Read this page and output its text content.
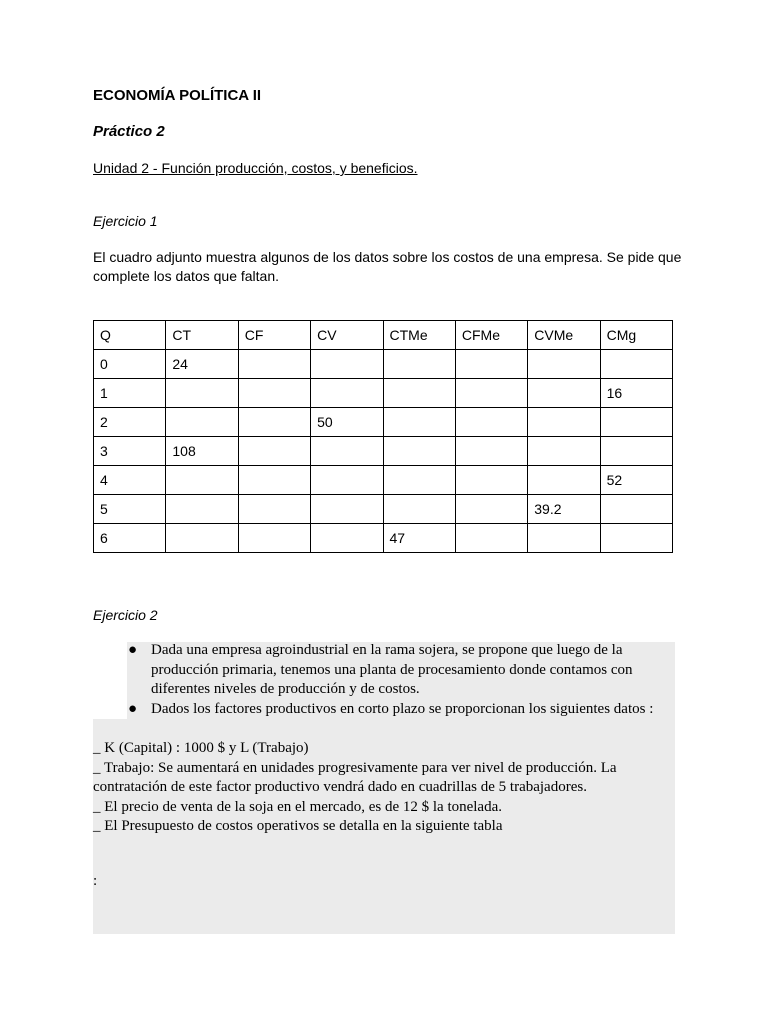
ECONOMÍA POLÍTICA II
Práctico 2

Unidad 2 - Función producción, costos, y beneficios.

Ejercicio 1

El cuadro adjunto muestra algunos de los datos sobre los costos de una empresa. Se pide que complete los datos que faltan.

Q	CT	CF	CV	CTMe	CFMe	CVMe	CMg
0	24						
1							16
2			50				
3	108						
4							52
5						39.2	
6				47			

Ejercicio 2

● Dada una empresa agroindustrial en la rama sojera, se propone que luego de la producción primaria, tenemos una planta de procesamiento donde contamos con diferentes niveles de producción y de costos.
● Dados los factores productivos en corto plazo se proporcionan los siguientes datos :

_ K (Capital) : 1000 $ y L (Trabajo)

_ Trabajo: Se aumentará en unidades progresivamente para ver nivel de producción. La contratación de este factor productivo vendrá dado en cuadrillas de 5 trabajadores.

_ El precio de venta de la soja en el mercado, es de 12 $ la tonelada.

_ El Presupuesto de costos operativos se detalla en la siguiente tabla

:
